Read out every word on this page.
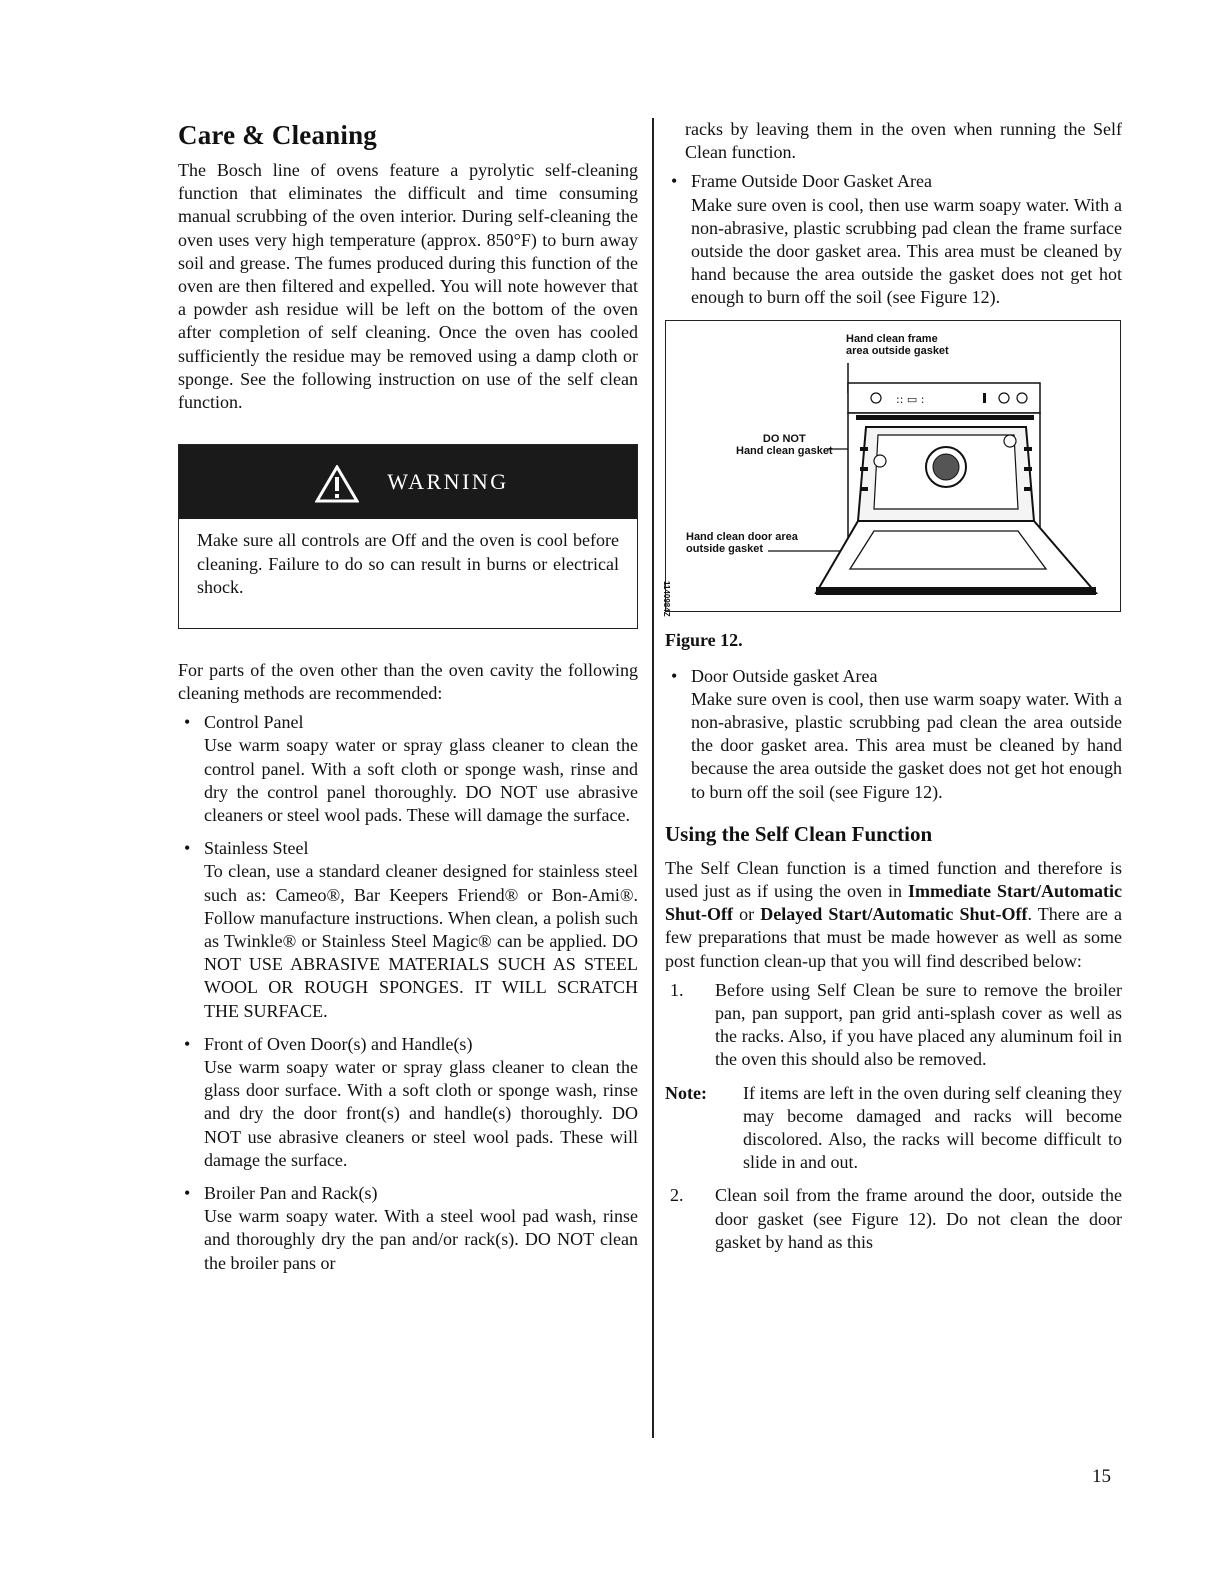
Care & Cleaning

The Bosch line of ovens feature a pyrolytic self-cleaning function that eliminates the difficult and time consuming manual scrubbing of the oven interior. During self-cleaning the oven uses very high temperature (approx. 850°F) to burn away soil and grease. The fumes produced during this function of the oven are then filtered and expelled. You will note however that a powder ash residue will be left on the bottom of the oven after completion of self cleaning. Once the oven has cooled sufficiently the residue may be removed using a damp cloth or sponge. See the following instruction on use of the self clean function.

WARNING
Make sure all controls are Off and the oven is cool before cleaning. Failure to do so can result in burns or electrical shock.

For parts of the oven other than the oven cavity the following cleaning methods are recommended:

• Control Panel

Use warm soapy water or spray glass cleaner to clean the control panel. With a soft cloth or sponge wash, rinse and dry the control panel thoroughly. DO NOT use abrasive cleaners or steel wool pads. These will damage the surface.

• Stainless Steel

To clean, use a standard cleaner designed for stainless steel such as: Cameo®, Bar Keepers Friend® or Bon-Ami®. Follow manufacture instructions. When clean, a polish such as Twinkle® or Stainless Steel Magic® can be applied. DO NOT USE ABRASIVE MATERIALS SUCH AS STEEL WOOL OR ROUGH SPONGES. IT WILL SCRATCH THE SURFACE.

• Front of Oven Door(s) and Handle(s)

Use warm soapy water or spray glass cleaner to clean the glass door surface. With a soft cloth or sponge wash, rinse and dry the door front(s) and handle(s) thoroughly. DO NOT use abrasive cleaners or steel wool pads. These will damage the surface.

• Broiler Pan and Rack(s)

Use warm soapy water. With a steel wool pad wash, rinse and thoroughly dry the pan and/or rack(s). DO NOT clean the broiler pans or

racks by leaving them in the oven when running the Self Clean function.

• Frame Outside Door Gasket Area

Make sure oven is cool, then use warm soapy water. With a non-abrasive, plastic scrubbing pad clean the frame surface outside the door gasket area. This area must be cleaned by hand because the area outside the gasket does not get hot enough to burn off the soil (see Figure 12).

Hand clean frame
area outside gasket
DO NOT
Hand clean gasket
Hand clean door area
outside gasket
1140984Z
:: ▭ :
Figure 12.
• Door Outside gasket Area

Make sure oven is cool, then use warm soapy water. With a non-abrasive, plastic scrubbing pad clean the area outside the door gasket area. This area must be cleaned by hand because the area outside the gasket does not get hot enough to burn off the soil (see Figure 12).

Using the Self Clean Function

The Self Clean function is a timed function and therefore is used just as if using the oven in Immediate Start/Automatic Shut-Off or Delayed Start/Automatic Shut-Off. There are a few preparations that must be made however as well as some post function clean-up that you will find described below:

1. Before using Self Clean be sure to remove the broiler pan, pan support, pan grid anti-splash cover as well as the racks. Also, if you have placed any aluminum foil in the oven this should also be removed.

Note: If items are left in the oven during self cleaning they may become damaged and racks will become discolored. Also, the racks will become difficult to slide in and out.

2. Clean soil from the frame around the door, outside the door gasket (see Figure 12). Do not clean the door gasket by hand as this

15
